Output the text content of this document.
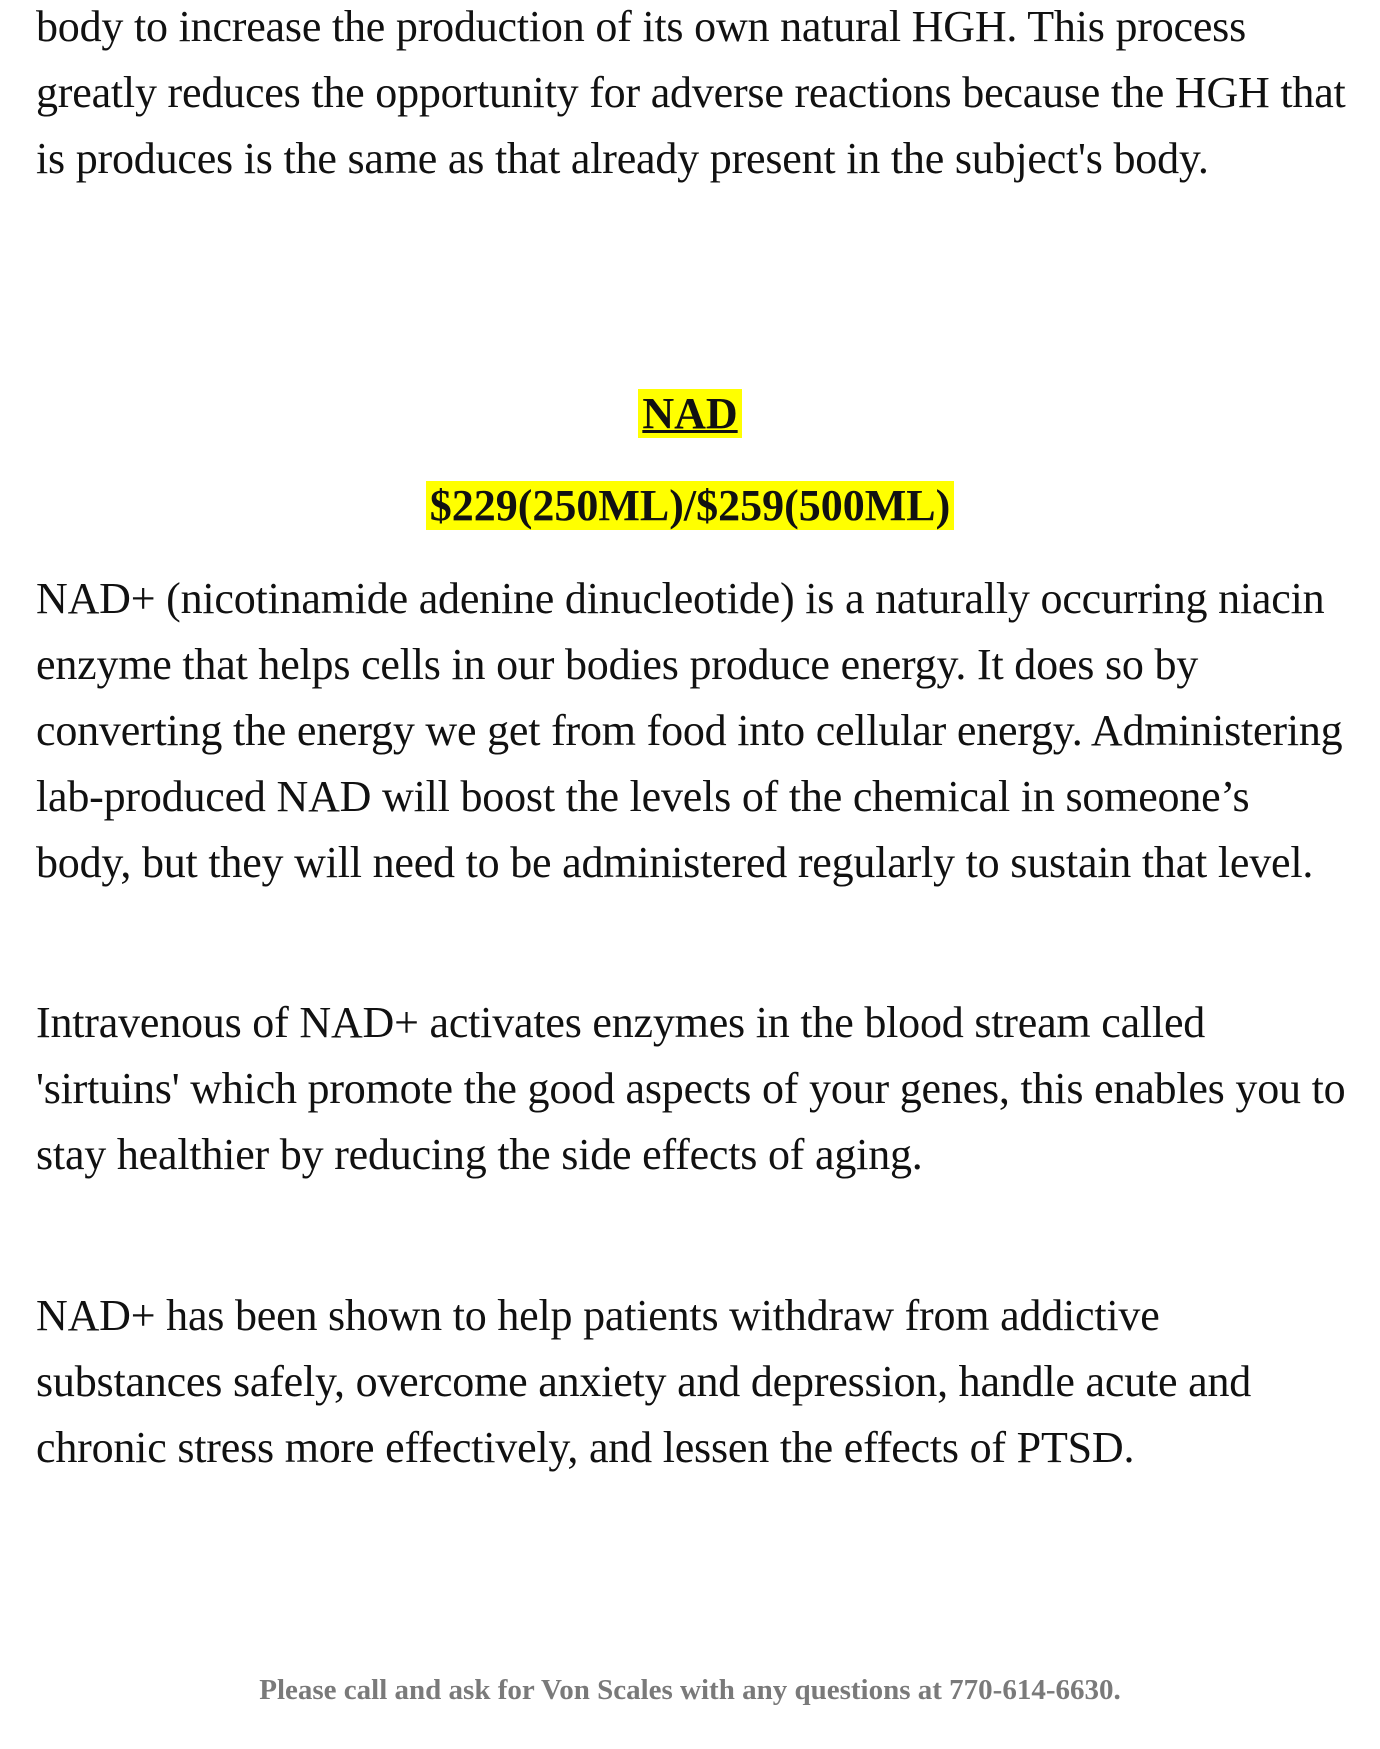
body to increase the production of its own natural HGH. This process greatly reduces the opportunity for adverse reactions because the HGH that is produces is the same as that already present in the subject's body.

NAD
$229(250ML)/$259(500ML)

NAD+ (nicotinamide adenine dinucleotide) is a naturally occurring niacin enzyme that helps cells in our bodies produce energy. It does so by converting the energy we get from food into cellular energy. Administering lab-produced NAD will boost the levels of the chemical in someone’s body, but they will need to be administered regularly to sustain that level.

Intravenous of NAD+ activates enzymes in the blood stream called 'sirtuins' which promote the good aspects of your genes, this enables you to stay healthier by reducing the side effects of aging.

NAD+ has been shown to help patients withdraw from addictive substances safely, overcome anxiety and depression, handle acute and chronic stress more effectively, and lessen the effects of PTSD.

Please call and ask for Von Scales with any questions at 770-614-6630.
